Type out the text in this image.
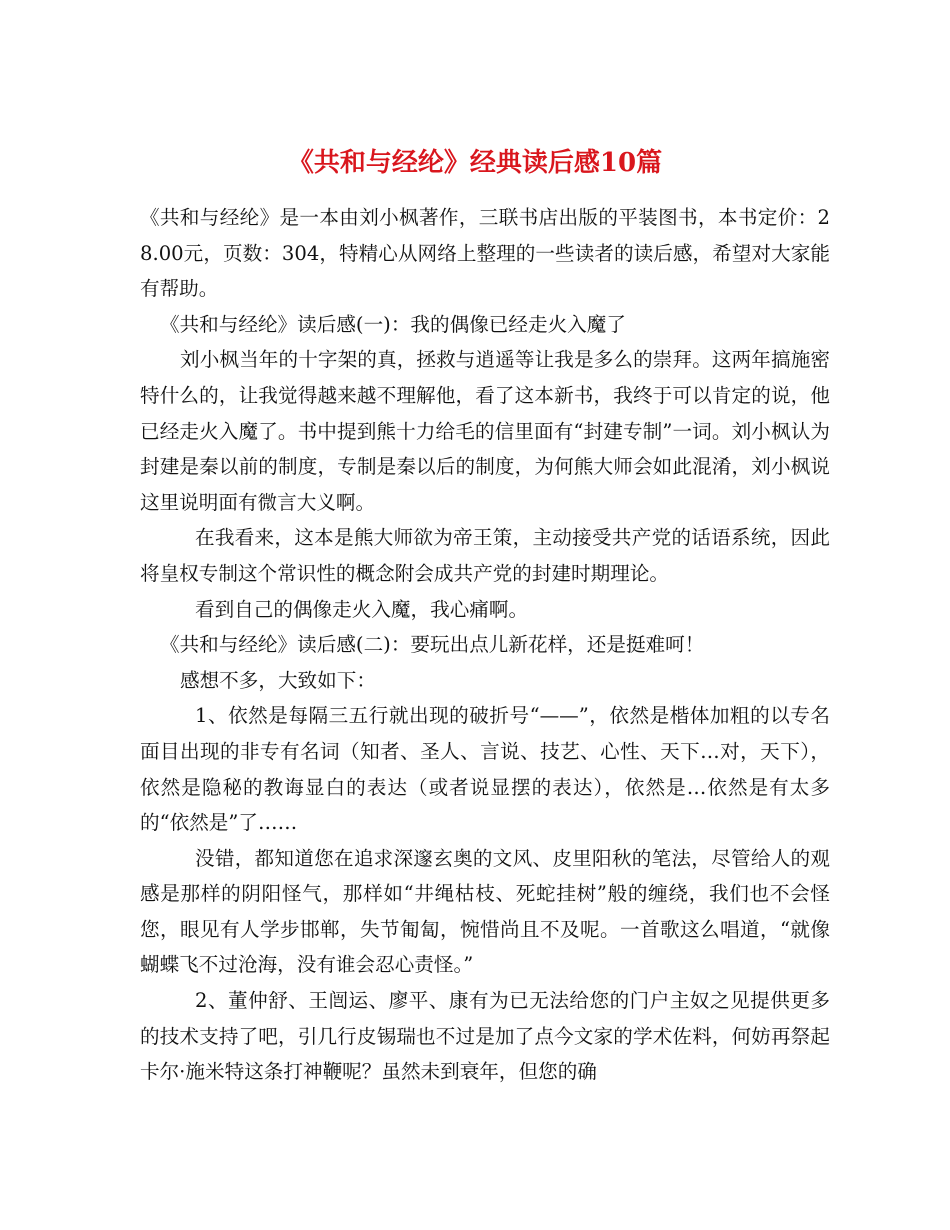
《共和与经纶》经典读后感10篇

《共和与经纶》是一本由刘小枫著作，三联书店出版的平装图书，本书定价：28.00元，页数：304，特精心从网络上整理的一些读者的读后感，希望对大家能有帮助。

《共和与经纶》读后感(一)：我的偶像已经走火入魔了

刘小枫当年的十字架的真，拯救与逍遥等让我是多么的崇拜。这两年搞施密特什么的，让我觉得越来越不理解他，看了这本新书，我终于可以肯定的说，他已经走火入魔了。书中提到熊十力给毛的信里面有“封建专制”一词。刘小枫认为封建是秦以前的制度，专制是秦以后的制度，为何熊大师会如此混淆，刘小枫说这里说明面有微言大义啊。

在我看来，这本是熊大师欲为帝王策，主动接受共产党的话语系统，因此将皇权专制这个常识性的概念附会成共产党的封建时期理论。

看到自己的偶像走火入魔，我心痛啊。

《共和与经纶》读后感(二)：要玩出点儿新花样，还是挺难呵！

感想不多，大致如下：

1、依然是每隔三五行就出现的破折号“——”，依然是楷体加粗的以专名面目出现的非专有名词（知者、圣人、言说、技艺、心性、天下…对，天下），依然是隐秘的教诲显白的表达（或者说显摆的表达），依然是…依然是有太多的“依然是”了……

没错，都知道您在追求深邃玄奥的文风、皮里阳秋的笔法，尽管给人的观感是那样的阴阳怪气，那样如“井绳枯枝、死蛇挂树”般的缠绕，我们也不会怪您，眼见有人学步邯郸，失节匍匐，惋惜尚且不及呢。一首歌这么唱道，“就像蝴蝶飞不过沧海，没有谁会忍心责怪。”

2、董仲舒、王闿运、廖平、康有为已无法给您的门户主奴之见提供更多的技术支持了吧，引几行皮锡瑞也不过是加了点今文家的学术佐料，何妨再祭起卡尔·施米特这条打神鞭呢？虽然未到衰年，但您的确
